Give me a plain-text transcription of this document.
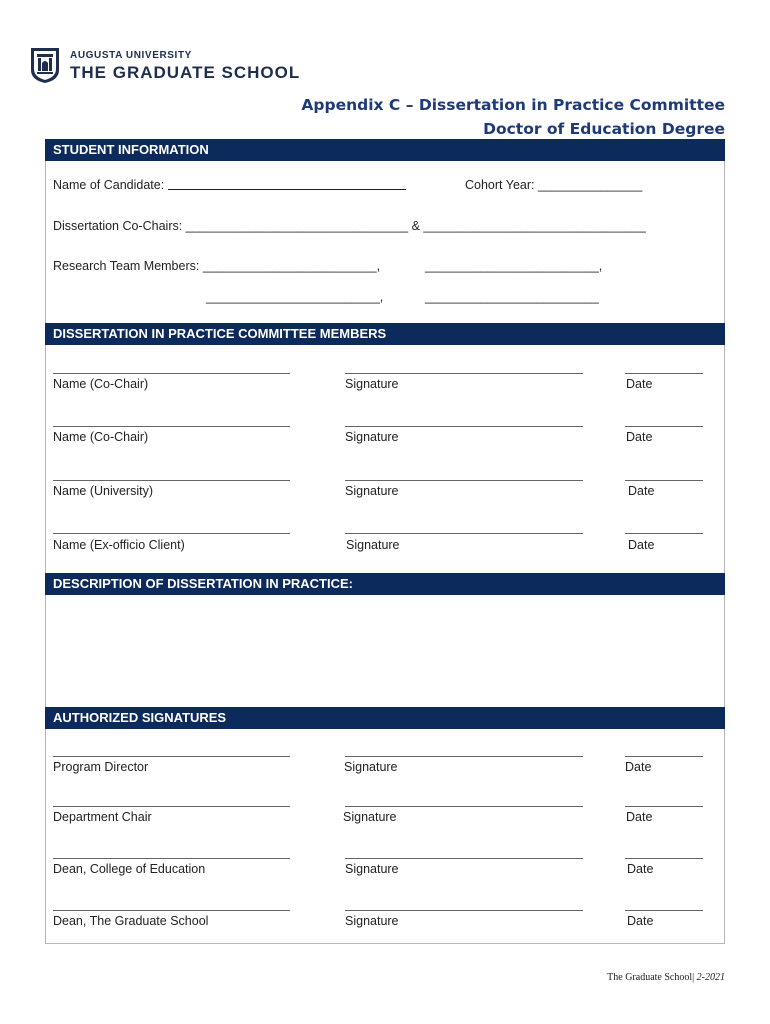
AUGUSTA UNIVERSITY
THE GRADUATE SCHOOL
Appendix C – Dissertation in Practice Committee
Doctor of Education Degree
STUDENT INFORMATION
Name of Candidate:	Cohort Year: _______________
Dissertation Co-Chairs: ________________________________ & ________________________________
Research Team Members: _________________________,	_________________________,
_________________________,	_________________________
DISSERTATION IN PRACTICE COMMITTEE MEMBERS
Name (Co-Chair)	Signature	Date
Name (Co-Chair)	Signature	Date
Name (University)	Signature	Date
Name (Ex-officio Client)	Signature	Date
DESCRIPTION OF DISSERTATION IN PRACTICE:
AUTHORIZED SIGNATURES
Program Director	Signature	Date
Department Chair	Signature	Date
Dean, College of Education	Signature	Date
Dean, The Graduate School	Signature	Date
The Graduate School| 2-2021
